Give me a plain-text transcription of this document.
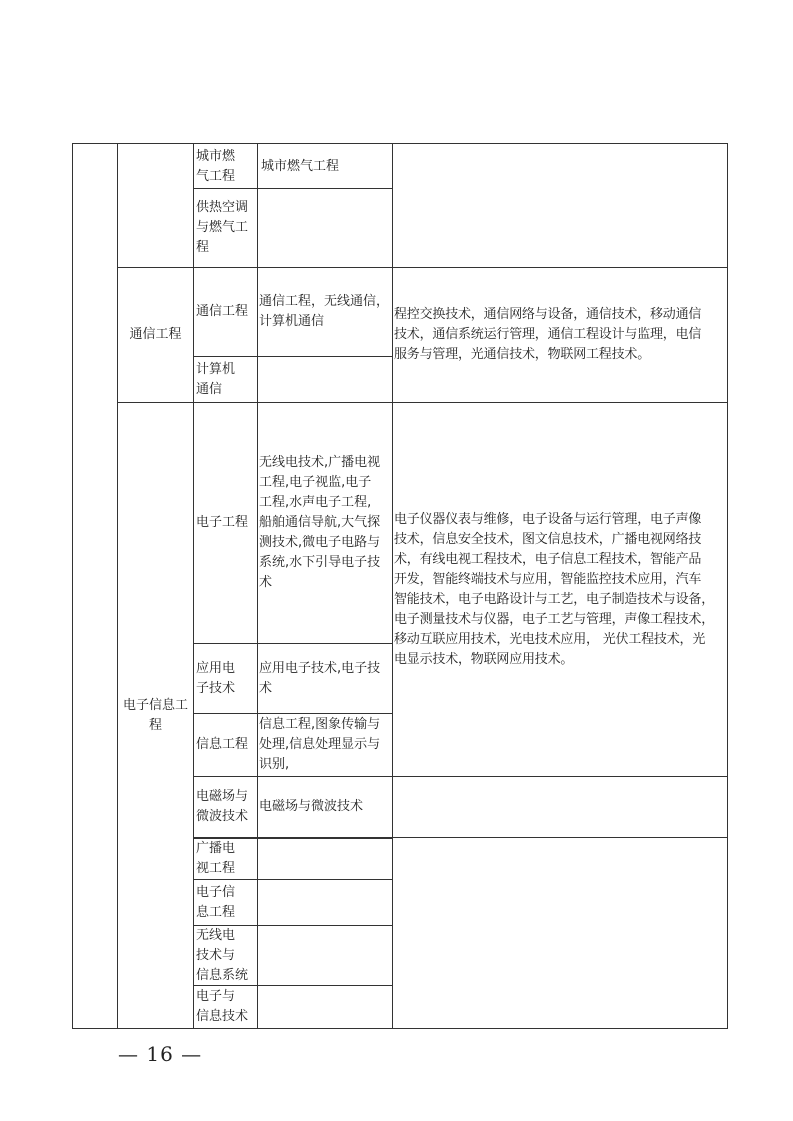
通信工程
电子信息工
程
城市燃
气工程
供热空调
与燃气工
程
通信工程
计算机
通信
电子工程
应用电
子技术
信息工程
电磁场与
微波技术
广播电
视工程
电子信
息工程
无线电
技术与
信息系统
电子与
信息技术
城市燃气工程
通信工程，无线通信，
计算机通信
无线电技术,广播电视
工程,电子视监,电子
工程,水声电子工程,
船舶通信导航,大气探
测技术,微电子电路与
系统,水下引导电子技
术
应用电子技术,电子技
术
信息工程,图象传输与
处理,信息处理显示与
识别,
电磁场与微波技术
程控交换技术，通信网络与设备，通信技术，移动通信
技术，通信系统运行管理，通信工程设计与监理，电信
服务与管理，光通信技术，物联网工程技术。
电子仪器仪表与维修，电子设备与运行管理，电子声像
技术，信息安全技术，图文信息技术，广播电视网络技
术，有线电视工程技术，电子信息工程技术，智能产品
开发，智能终端技术与应用，智能监控技术应用，汽车
智能技术，电子电路设计与工艺，电子制造技术与设备，
电子测量技术与仪器，电子工艺与管理，声像工程技术，
移动互联应用技术，光电技术应用， 光伏工程技术，光
电显示技术，物联网应用技术。
— 16 —
